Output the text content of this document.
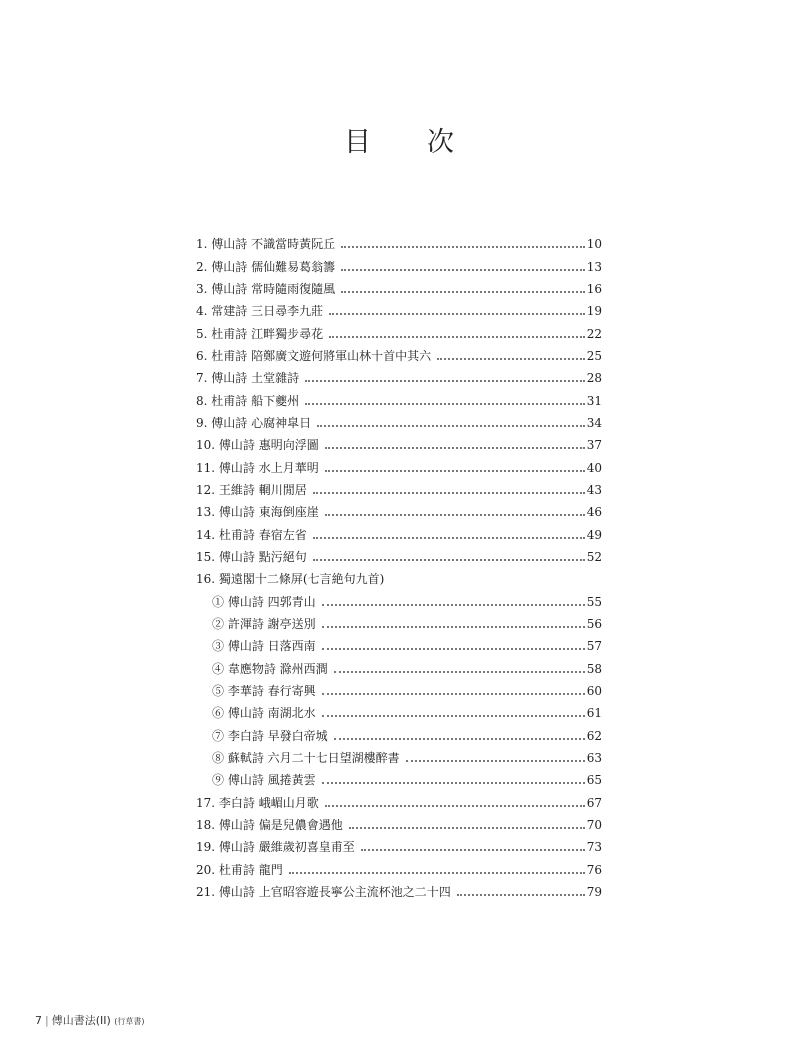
目 次
1. 傅山詩 不識當時黃阮丘	10
2. 傅山詩 儒仙難易葛翁籌	13
3. 傅山詩 常時隨雨復隨風	16
4. 常建詩 三日尋李九莊	19
5. 杜甫詩 江畔獨步尋花	22
6. 杜甫詩 陪鄭廣文遊何將軍山林十首中其六	25
7. 傅山詩 土堂雜詩	28
8. 杜甫詩 船下夔州	31
9. 傅山詩 心腐神皐日	34
10. 傅山詩 惠明向浮圖	37
11. 傅山詩 水上月華明	40
12. 王維詩 輞川閒居	43
13. 傅山詩 東海倒座崖	46
14. 杜甫詩 春宿左省	49
15. 傅山詩 點污絕句	52
16. 獨遠閣十二條屏(七言絶句九首)
① 傅山詩 四郭青山	55
② 許渾詩 謝亭送別	56
③ 傅山詩 日落西南	57
④ 韋應物詩 滁州西澗	58
⑤ 李華詩 春行寄興	60
⑥ 傅山詩 南湖北水	61
⑦ 李白詩 早發白帝城	62
⑧ 蘇軾詩 六月二十七日望湖樓醉書	63
⑨ 傅山詩 風捲黃雲	65
17. 李白詩 峨嵋山月歌	67
18. 傅山詩 偏是兒儂會遇他	70
19. 傅山詩 嚴維歲初喜皇甫至	73
20. 杜甫詩 龍門	76
21. 傅山詩 上官昭容遊長寧公主流杯池之二十四	79
7 | 傅山書法(II) (行草書)
